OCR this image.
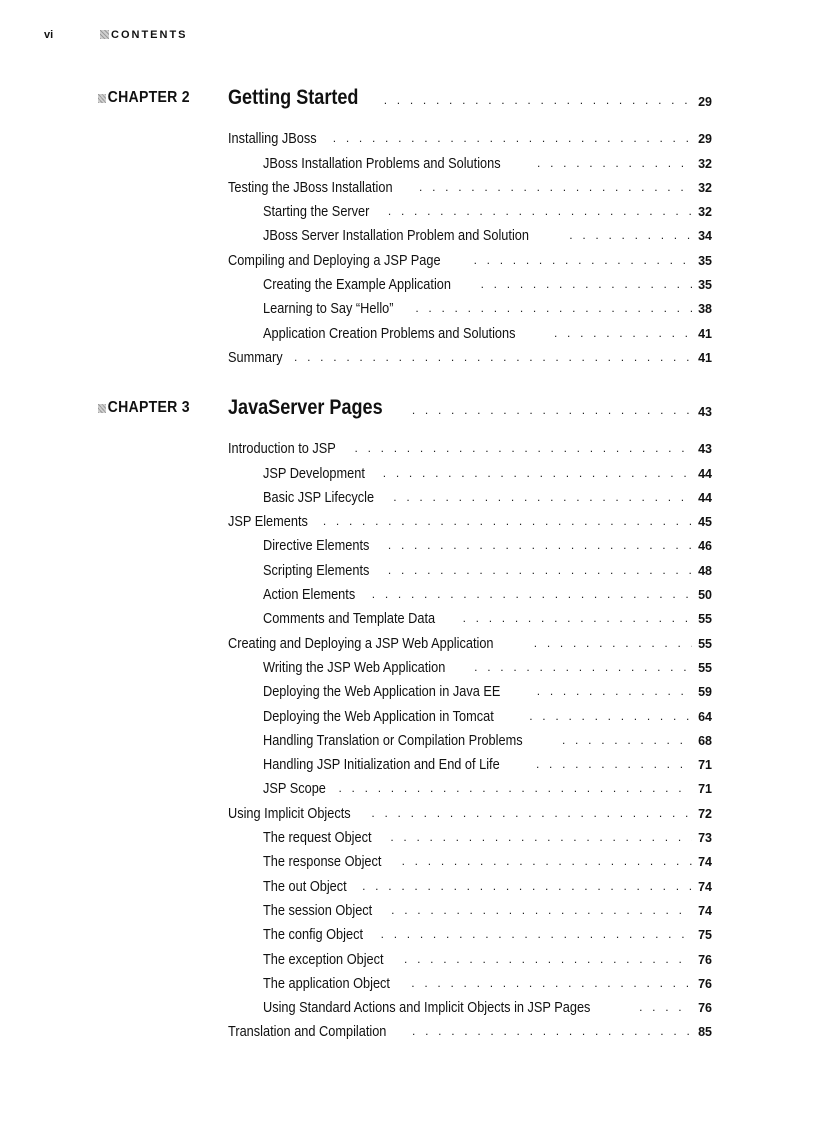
vi	CONTENTS
CHAPTER 2 Getting Started . . .	29
Installing JBoss . . .	29
JBoss Installation Problems and Solutions . . .	32
Testing the JBoss Installation . . .	32
Starting the Server . . .	32
JBoss Server Installation Problem and Solution . . .	34
Compiling and Deploying a JSP Page . . .	35
Creating the Example Application . . .	35
Learning to Say “Hello” . . .	38
Application Creation Problems and Solutions . . .	41
Summary . . .	41
CHAPTER 3 JavaServer Pages . . .	43
Introduction to JSP . . .	43
JSP Development . . .	44
Basic JSP Lifecycle . . .	44
JSP Elements . . .	45
Directive Elements . . .	46
Scripting Elements . . .	48
Action Elements . . .	50
Comments and Template Data . . .	55
Creating and Deploying a JSP Web Application . . .	55
Writing the JSP Web Application . . .	55
Deploying the Web Application in Java EE . . .	59
Deploying the Web Application in Tomcat . . .	64
Handling Translation or Compilation Problems . . .	68
Handling JSP Initialization and End of Life . . .	71
JSP Scope . . .	71
Using Implicit Objects . . .	72
The request Object . . .	73
The response Object . . .	74
The out Object . . .	74
The session Object . . .	74
The config Object . . .	75
The exception Object . . .	76
The application Object . . .	76
Using Standard Actions and Implicit Objects in JSP Pages . . .	76
Translation and Compilation . . .	85
